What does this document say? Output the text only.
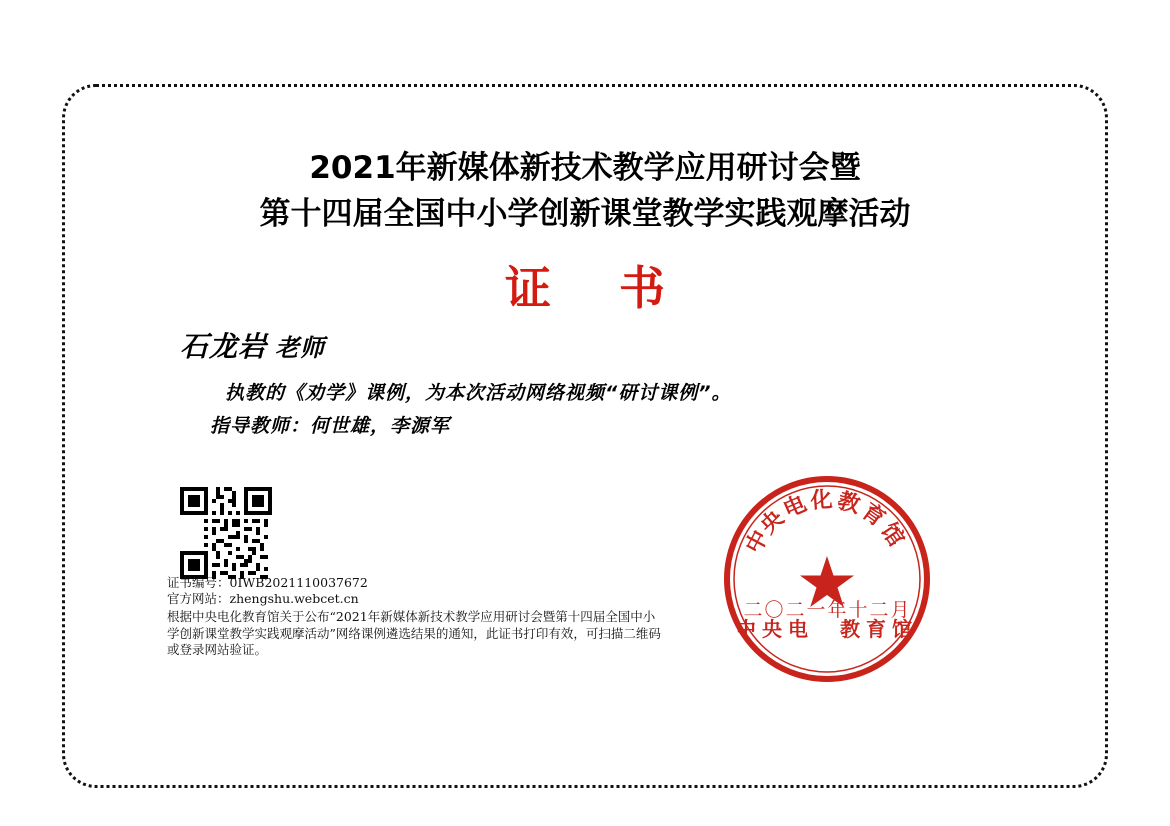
2021年新媒体新技术教学应用研讨会暨
第十四届全国中小学创新课堂教学实践观摩活动
证 书
石龙岩 老师
执教的《劝学》课例，为本次活动网络视频“研讨课例”。
指导教师：何世雄，李源军
证书编号：0IWB2021110037672
官方网站：zhengshu.webcet.cn
根据中央电化教育馆关于公布“2021年新媒体新技术教学应用研讨会暨第十四届全国中小学创新课堂教学实践观摩活动”网络课例遴选结果的通知，此证书打印有效，可扫描二维码或登录网站验证。
中央电　教育馆
中
央
电 化 教
育
馆
二〇二一年十二月
